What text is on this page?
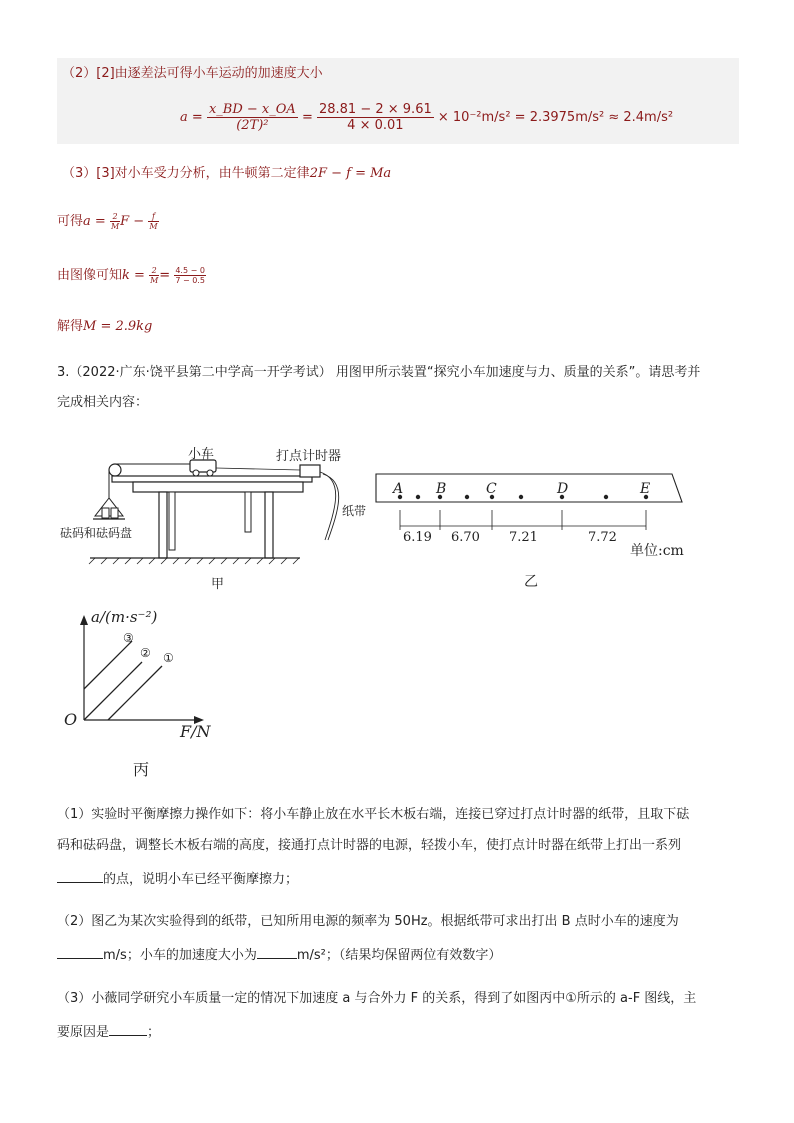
（2）[2]由逐差法可得小车运动的加速度大小
$a = \frac{x\_BD - x\_OA}{\text{(2T)²}} = \frac{28.81 - 2 \times 9.61}{4 \times 0.01} \times 10^{-2}m/s^2 = 2.3975m/s^2 \approx 2.4m/s^2$
（3）[3]对小车受力分析，由牛顿第二定律2F − f = Ma
可得$a = \frac{2}{M}$ $F - \frac{f}{M}$
由图像可知$k = \frac{2}{M} = \frac{4.5 - 0}{7 - 0.5}$
解得M = 2.9kg
3.（2022·广东·饶平县第二中学高一开学考试） 用图甲所示装置“探究小车加速度与力、质量的关系”。请思考并
完成相关内容：
小车	打点计时器
砝码和砝码盘
纸带
甲
A B	C	D	E
6.19 6.70 7.21	7.72
单位:cm
乙
a/(m·s⁻²)
③
② ①
O
F/N
丙
（1）实验时平衡摩擦力操作如下：将小车静止放在水平长木板右端，连接已穿过打点计时器的纸带，且取下砝
码和砝码盘，调整长木板右端的高度，接通打点计时器的电源，轻拨小车，使打点计时器在纸带上打出一系列
的点，说明小车已经平衡摩擦力；
（2）图乙为某次实验得到的纸带，已知所用电源的频率为 50Hz。根据纸带可求出打出 B 点时小车的速度为
m/s；小车的加速度大小为	m/s²；（结果均保留两位有效数字）
（3）小薇同学研究小车质量一定的情况下加速度 a 与合外力 F 的关系，得到了如图丙中①所示的 a-F 图线，主
要原因是	；
